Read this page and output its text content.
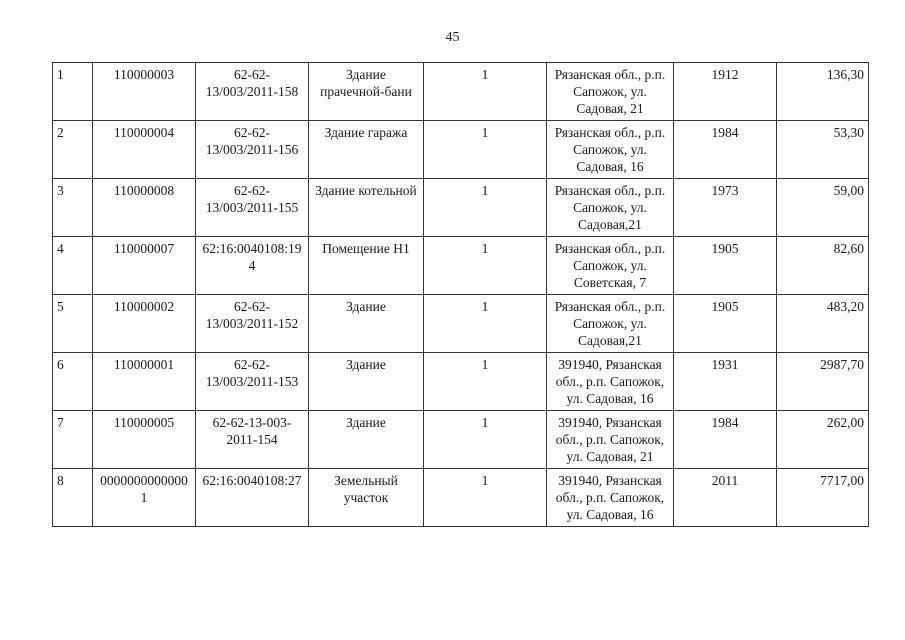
45
1	110000003	62-62-13/003/2011-158	Здание прачечной-бани	1	Рязанская обл., р.п. Сапожок, ул. Садовая, 21	1912	136,30
2	110000004	62-62-13/003/2011-156	Здание гаража	1	Рязанская обл., р.п. Сапожок, ул. Садовая, 16	1984	53,30
3	110000008	62-62-13/003/2011-155	Здание котельной	1	Рязанская обл., р.п. Сапожок, ул. Садовая,21	1973	59,00
4	110000007	62:16:0040108:194	Помещение Н1	1	Рязанская обл., р.п. Сапожок, ул. Советская, 7	1905	82,60
5	110000002	62-62-13/003/2011-152	Здание	1	Рязанская обл., р.п. Сапожок, ул. Садовая,21	1905	483,20
6	110000001	62-62-13/003/2011-153	Здание	1	391940, Рязанская обл., р.п. Сапожок, ул. Садовая, 16	1931	2987,70
7	110000005	62-62-13-003-2011-154	Здание	1	391940, Рязанская обл., р.п. Сапожок, ул. Садовая, 21	1984	262,00
8	00000000000001	62:16:0040108:27	Земельный участок	1	391940, Рязанская обл., р.п. Сапожок, ул. Садовая, 16	2011	7717,00
